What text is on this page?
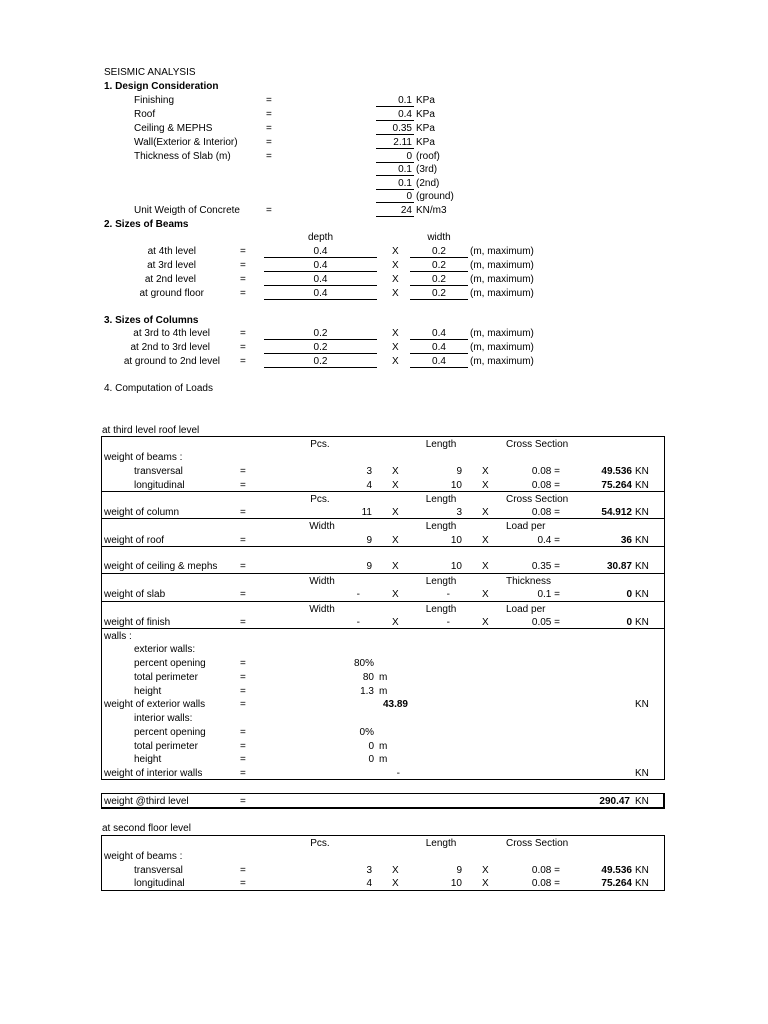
SEISMIC ANALYSIS
1. Design Consideration
Finishing	=	0.1 KPa
Roof	=	0.4 KPa
Ceiling & MEPHS	=	0.35 KPa
Wall(Exterior & Interior)	=	2.11 KPa
Thickness of Slab (m)	=	0 (roof)
0.1 (3rd)
0.1 (2nd)
0 (ground)
Unit Weigth of Concrete	=	24 KN/m3
2. Sizes of Beams
depth	width
at 4th level	=	0.4	X	0.2	(m, maximum)
at 3rd level	=	0.4	X	0.2	(m, maximum)
at 2nd level	=	0.4	X	0.2	(m, maximum)
at ground floor	=	0.4	X	0.2	(m, maximum)
3. Sizes of Columns
at 3rd to 4th level	=	0.2	X	0.4	(m, maximum)
at 2nd to 3rd level	=	0.2	X	0.4	(m, maximum)
at ground to 2nd level =	0.2	X	0.4	(m, maximum)
4. Computation of Loads
at third level roof level
Pcs.	Length	Cross Section
weight of beams :
transversal	=	3 X	9 X	0.08 =	49.536 KN
longitudinal	=	4 X	10 X	0.08 =	75.264 KN
Pcs.	Length	Cross Section
weight of column	=	11 X	3 X	0.08 =	54.912 KN
Width	Length	Load per
weight of roof	=	9 X	10 X	0.4 =	36 KN
weight of ceiling & mephs =	9 X	10 X	0.35 =	30.87 KN
Width	Length	Thickness
weight of slab	=	-	X	-	X	0.1 =	0 KN
Width	Length	Load per
weight of finish	=	-	X	-	X	0.05 =	0 KN
walls :
exterior walls:
percent opening	=	80%
total perimeter	=	80 m
height	=	1.3 m
weight of exterior walls	=	43.89	KN
interior walls:
percent opening	=	0%
total perimeter	=	0 m
height	=	0 m
weight of interior walls	=	-	KN
weight @third level	=	290.47 KN
at second floor level
Pcs.	Length	Cross Section
weight of beams :
transversal	=	3 X	9 X	0.08 =	49.536 KN
longitudinal	=	4 X	10 X	0.08 =	75.264 KN
